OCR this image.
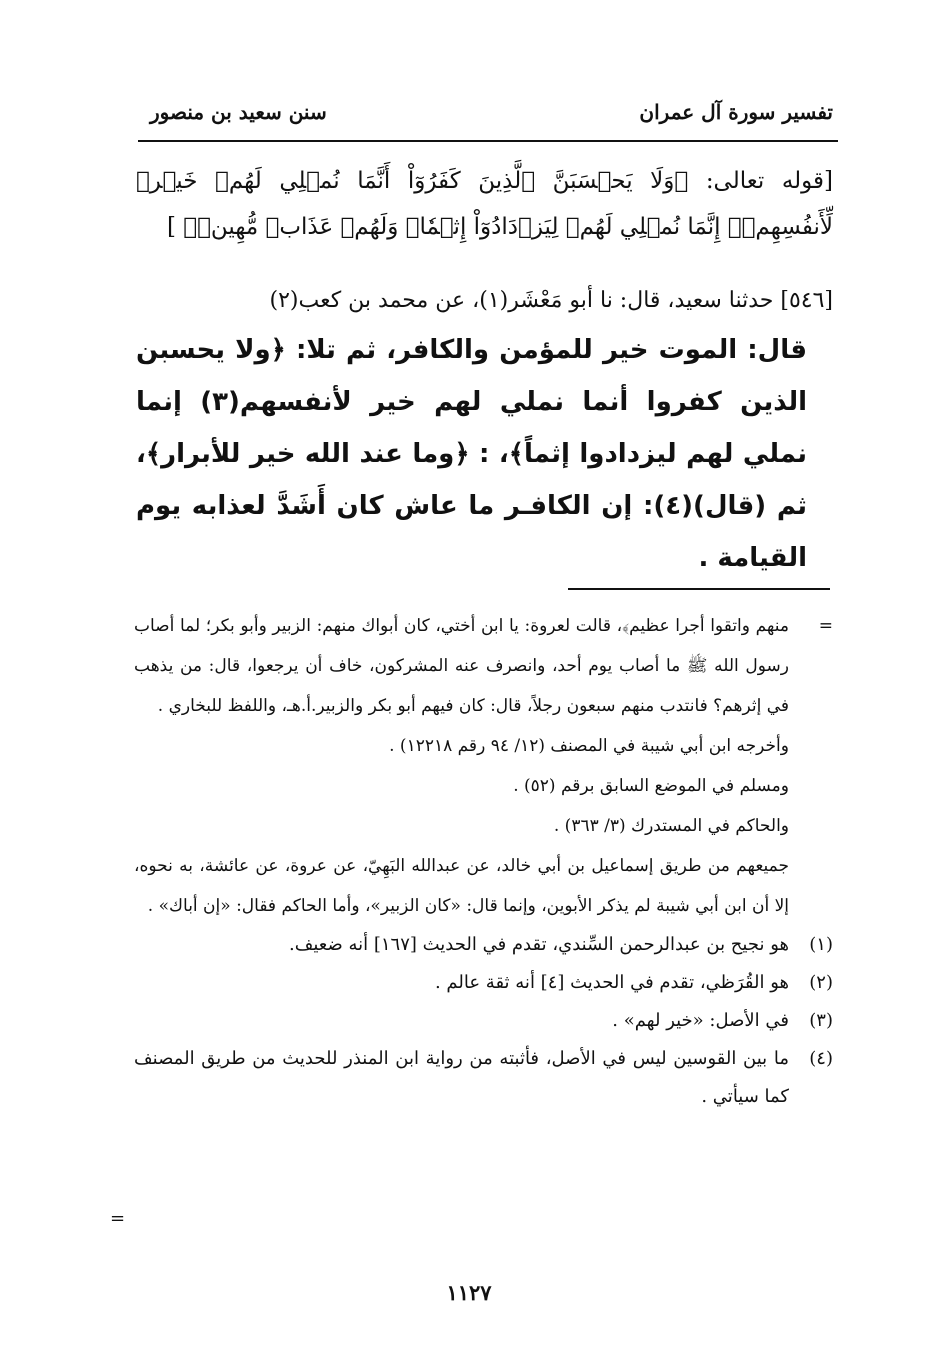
تفسير سورة آل عمران
سنن سعيد بن منصور
[قوله تعالى: ﴿وَلَا يَحۡسَبَنَّ ٱلَّذِينَ كَفَرُوٓاْ أَنَّمَا نُمۡلِي لَهُمۡ خَيۡرٞ لِّأَنفُسِهِمۡۚ إِنَّمَا نُمۡلِي لَهُمۡ لِيَزۡدَادُوٓاْ إِثۡمٗاۖ وَلَهُمۡ عَذَابٞ مُّهِينٞ﴾ ]
[٥٤٦] حدثنا سعيد، قال: نا أبو مَعْشَر(١)، عن محمد بن كعب(٢)
قال: الموت خير للمؤمن والكافر، ثم تلا: ﴿ولا يحسبن الذين كفروا أنما نملي لهم خير لأنفسهم(٣) إنما نملي لهم ليزدادوا إثماً﴾، : ﴿وما عند الله خير للأبرار﴾، ثم (قال)(٤): إن الكافـر ما عاش كان أَشَدَّ لعذابه يوم القيامة .
=
منهم واتقوا أجرا عظيم﴾، قالت لعروة: يا ابن أختي، كان أبواك منهم: الزبير وأبو بكر؛ لما أصاب رسول الله ﷺ ما أصاب يوم أحد، وانصرف عنه المشركون، خاف أن يرجعوا، قال: من يذهب في إثرهم؟ فانتدب منهم سبعون رجلاً، قال: كان فيهم أبو بكر والزبير.أ.هـ، واللفظ للبخاري .
وأخرجه ابن أبي شيبة في المصنف (١٢/ ٩٤ رقم ١٢٢١٨) .
ومسلم في الموضع السابق برقم (٥٢) .
والحاكم في المستدرك (٣/ ٣٦٣) .
جميعهم من طريق إسماعيل بن أبي خالد، عن عبدالله البَهِيّ، عن عروة، عن عائشة، به نحوه، إلا أن ابن أبي شيبة لم يذكر الأبوين، وإنما قال: «كان الزبير»، وأما الحاكم فقال: «إن أباك» .
(١)
هو نجيح بن عبدالرحمن السِّندي، تقدم في الحديث [١٦٧] أنه ضعيف.
(٢)
هو القُرَظي، تقدم في الحديث [٤] أنه ثقة عالم .
(٣)
في الأصل: «خير لهم» .
(٤)
ما بين القوسين ليس في الأصل، فأثبته من رواية ابن المنذر للحديث من طريق المصنف كما سيأتي .
=
١١٢٧
